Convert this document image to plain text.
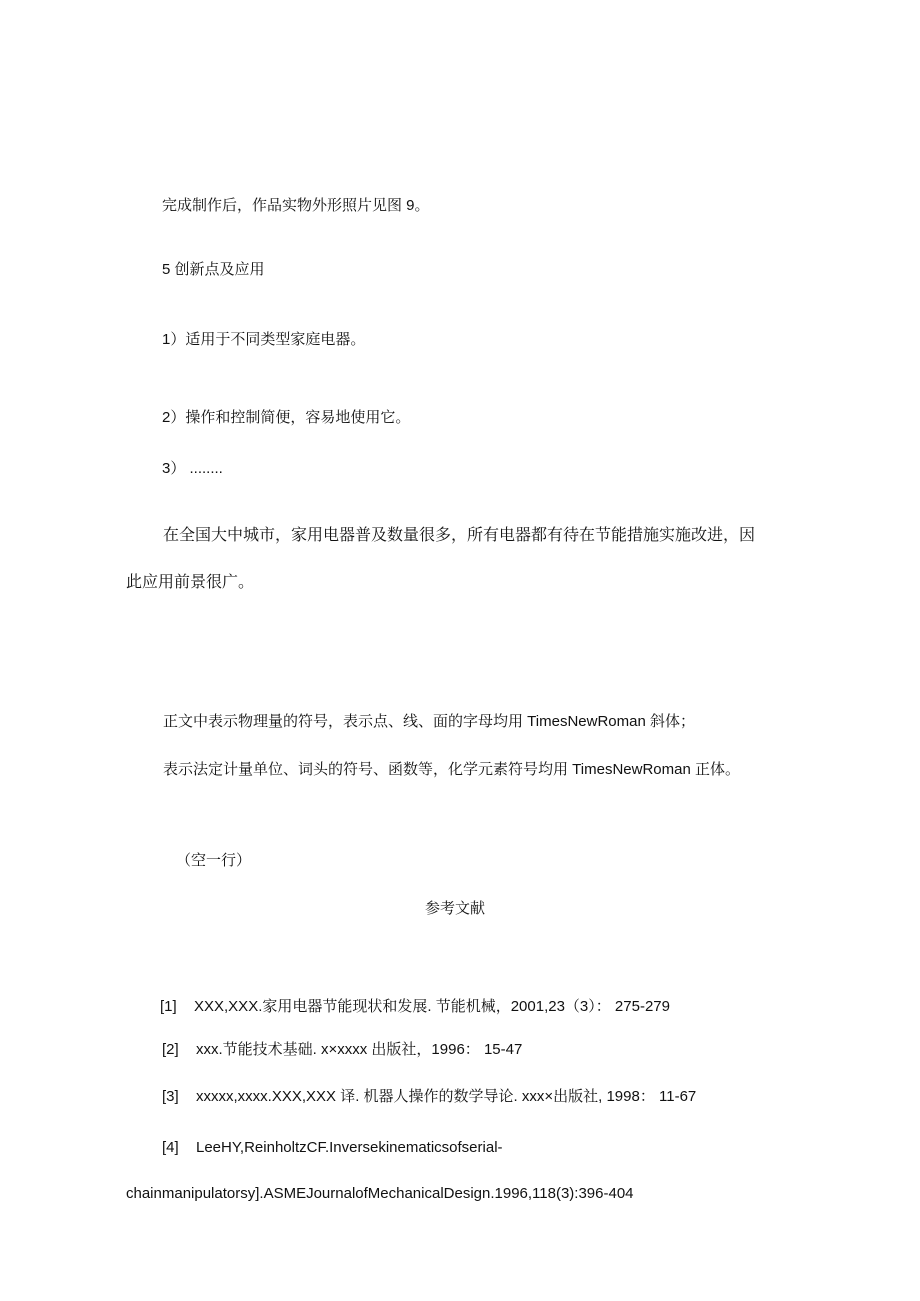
完成制作后，作品实物外形照片见图 9。
5 创新点及应用
1）适用于不同类型家庭电器。
2）操作和控制简便，容易地使用它。
3） ........
在全国大中城市，家用电器普及数量很多，所有电器都有待在节能措施实施改进，因
此应用前景很广。
正文中表示物理量的符号，表示点、线、面的字母均用 TimesNewRoman 斜体；
表示法定计量单位、词头的符号、函数等，化学元素符号均用 TimesNewRoman 正体。
（空一行）
参考文献
[1] XXX,XXX.家用电器节能现状和发展. 节能机械，2001,23（3）： 275-279
[2] xxx.节能技术基础. x×xxxx 出版社，1996： 15-47
[3] xxxxx,xxxx.XXX,XXX 译. 机器人操作的数学导论. xxx×出版社, 1998： 11-67
[4] LeeHY,ReinholtzCF.Inversekinematicsofserial-
chainmanipulatorsy].ASMEJournalofMechanicalDesign.1996,118(3):396-404
